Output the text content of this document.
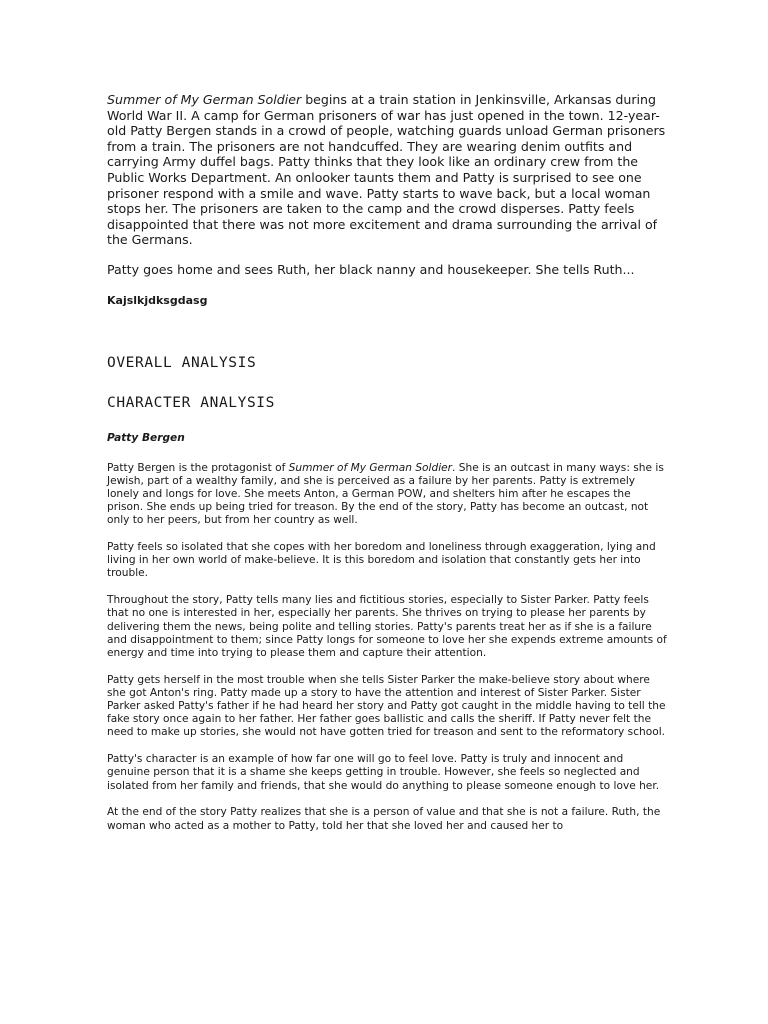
Summer of My German Soldier begins at a train station in Jenkinsville, Arkansas during World War II. A camp for German prisoners of war has just opened in the town. 12-year-old Patty Bergen stands in a crowd of people, watching guards unload German prisoners from a train. The prisoners are not handcuffed. They are wearing denim outfits and carrying Army duffel bags. Patty thinks that they look like an ordinary crew from the Public Works Department. An onlooker taunts them and Patty is surprised to see one prisoner respond with a smile and wave. Patty starts to wave back, but a local woman stops her. The prisoners are taken to the camp and the crowd disperses. Patty feels disappointed that there was not more excitement and drama surrounding the arrival of the Germans.

Patty goes home and sees Ruth, her black nanny and housekeeper. She tells Ruth...

Kajslkjdksgdasg
OVERALL ANALYSIS
CHARACTER ANALYSIS
Patty Bergen

Patty Bergen is the protagonist of Summer of My German Soldier. She is an outcast in many ways: she is Jewish, part of a wealthy family, and she is perceived as a failure by her parents. Patty is extremely lonely and longs for love. She meets Anton, a German POW, and shelters him after he escapes the prison. She ends up being tried for treason. By the end of the story, Patty has become an outcast, not only to her peers, but from her country as well.

Patty feels so isolated that she copes with her boredom and loneliness through exaggeration, lying and living in her own world of make-believe. It is this boredom and isolation that constantly gets her into trouble.

Throughout the story, Patty tells many lies and fictitious stories, especially to Sister Parker. Patty feels that no one is interested in her, especially her parents. She thrives on trying to please her parents by delivering them the news, being polite and telling stories. Patty's parents treat her as if she is a failure and disappointment to them; since Patty longs for someone to love her she expends extreme amounts of energy and time into trying to please them and capture their attention.

Patty gets herself in the most trouble when she tells Sister Parker the make-believe story about where she got Anton's ring. Patty made up a story to have the attention and interest of Sister Parker. Sister Parker asked Patty's father if he had heard her story and Patty got caught in the middle having to tell the fake story once again to her father. Her father goes ballistic and calls the sheriff. If Patty never felt the need to make up stories, she would not have gotten tried for treason and sent to the reformatory school.

Patty's character is an example of how far one will go to feel love. Patty is truly and innocent and genuine person that it is a shame she keeps getting in trouble. However, she feels so neglected and isolated from her family and friends, that she would do anything to please someone enough to love her.

At the end of the story Patty realizes that she is a person of value and that she is not a failure. Ruth, the woman who acted as a mother to Patty, told her that she loved her and caused her to
